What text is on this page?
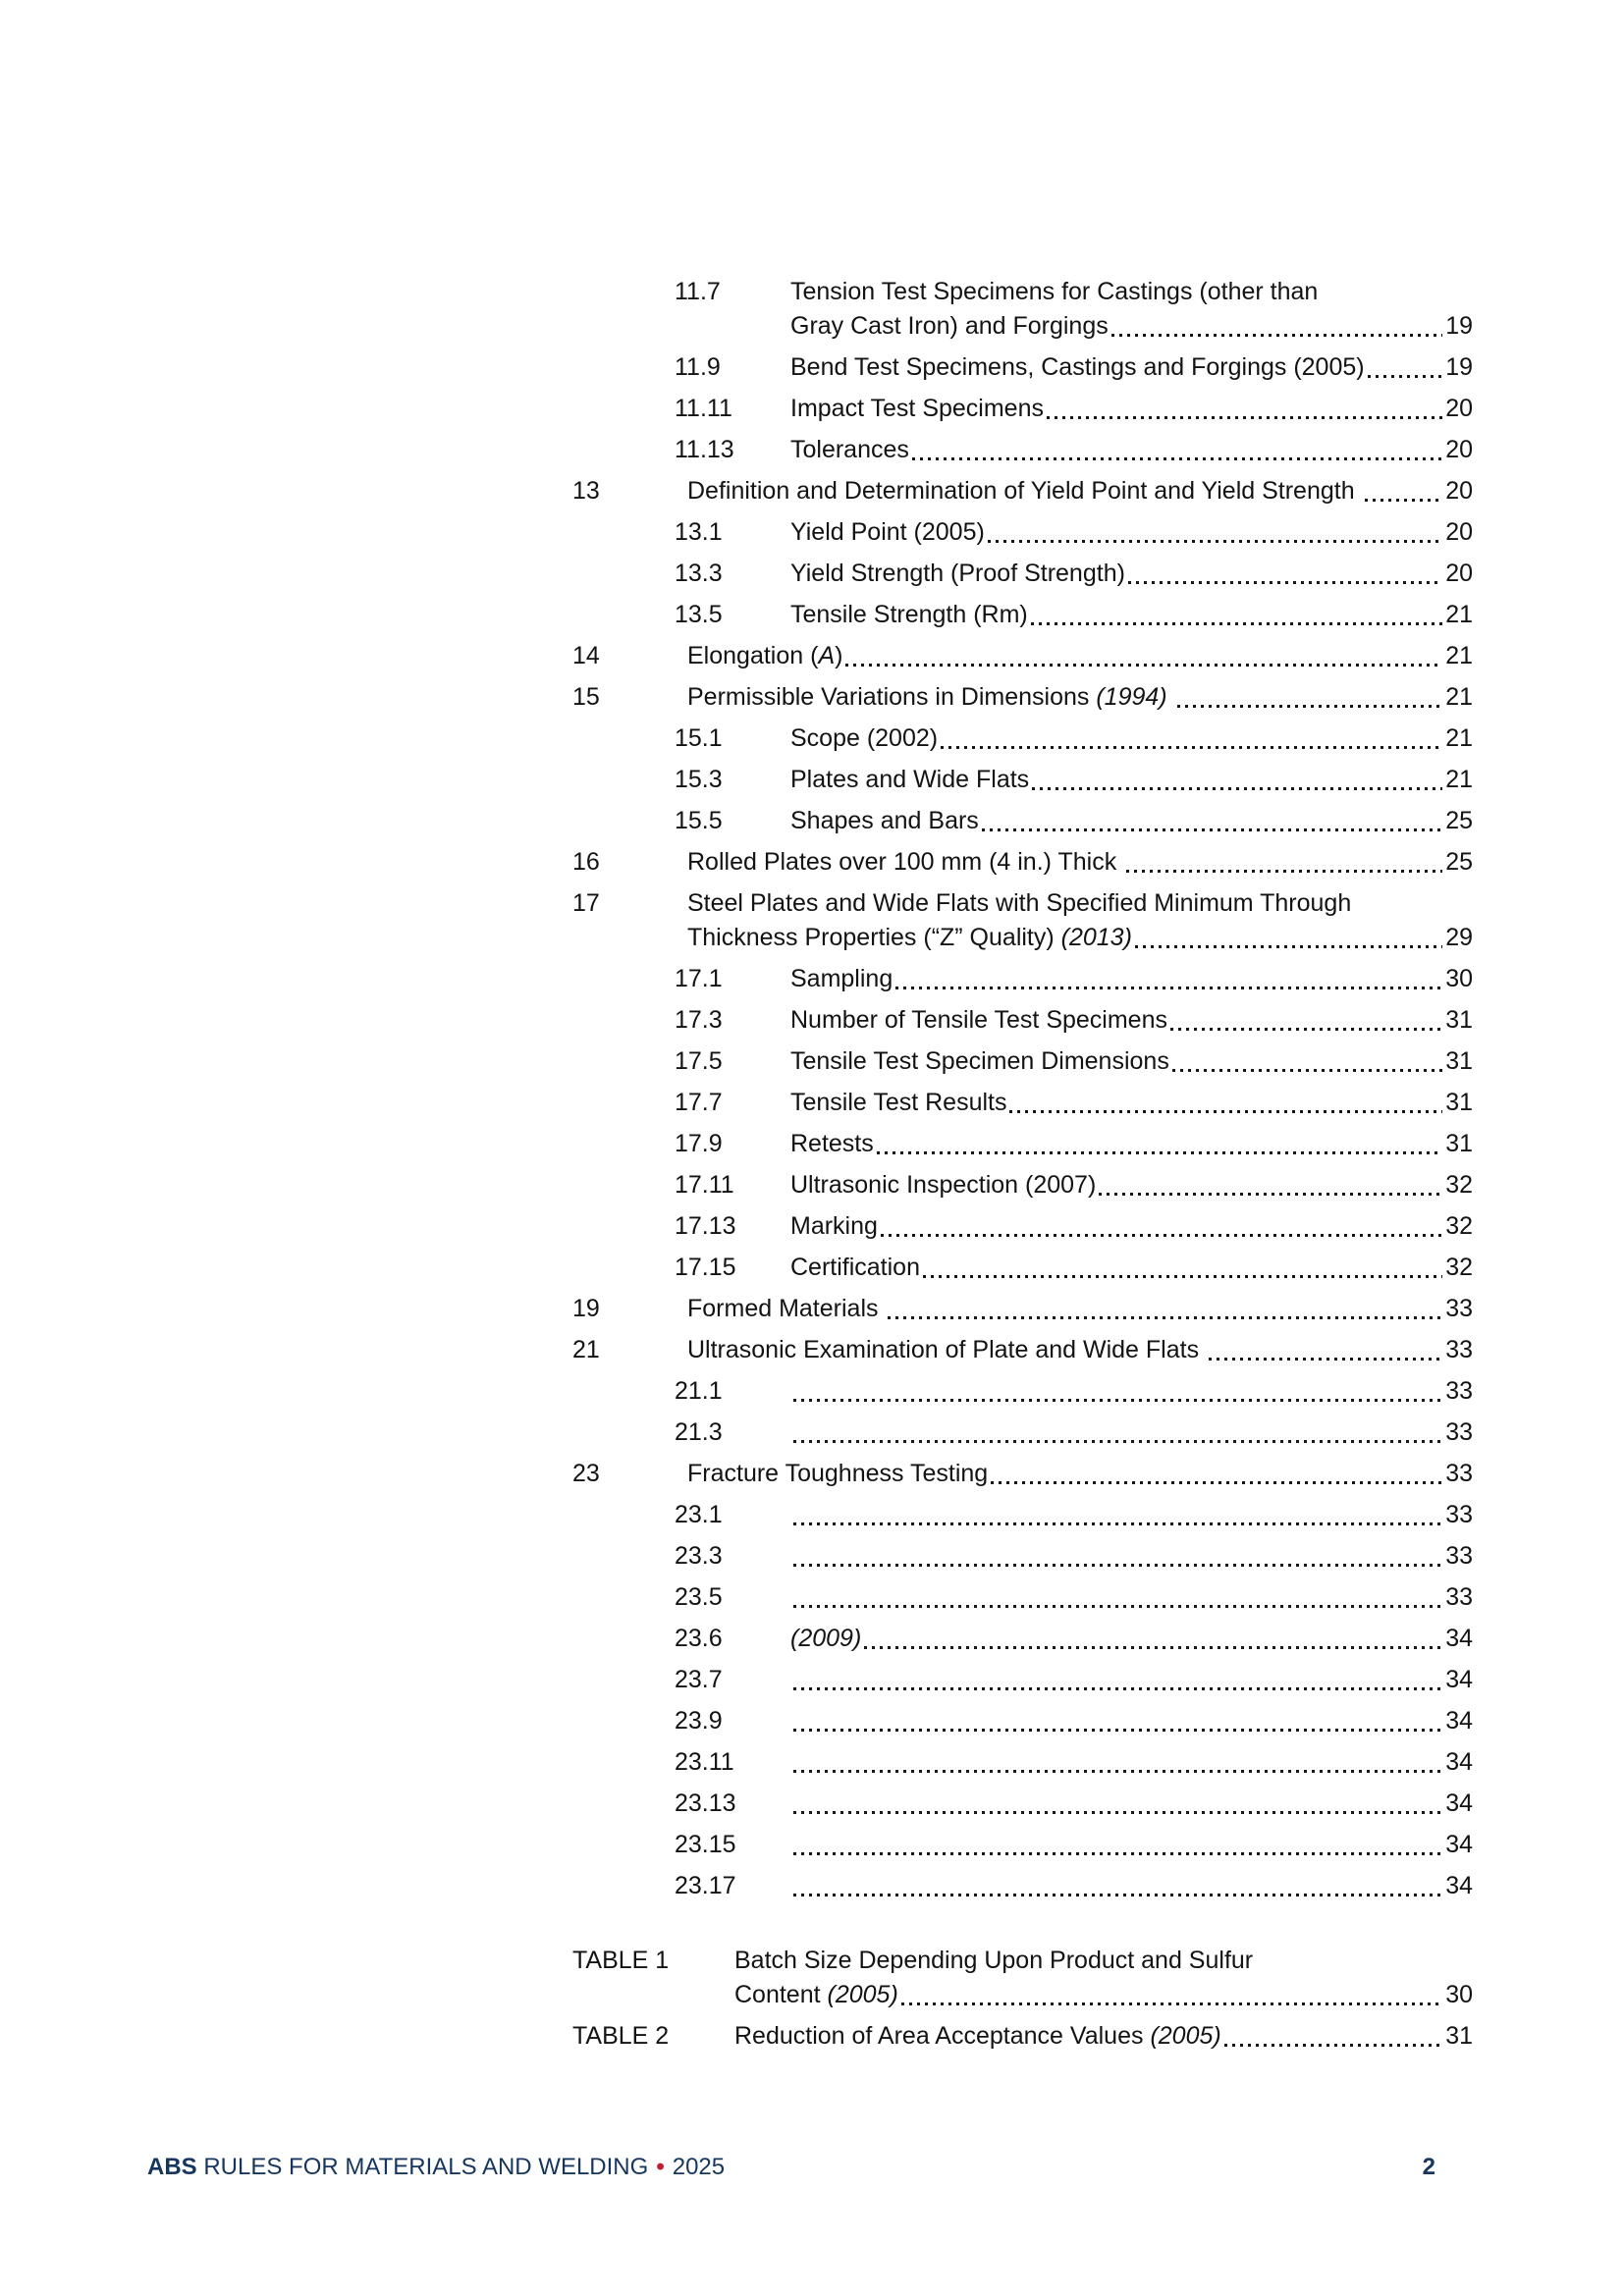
11.7	Tension Test Specimens for Castings (other than
Gray Cast Iron) and Forgings	19
11.9	Bend Test Specimens, Castings and Forgings (2005)	19
11.11	Impact Test Specimens	20
11.13	Tolerances	20
13	Definition and Determination of Yield Point and Yield Strength	20
13.1	Yield Point (2005)	20
13.3	Yield Strength (Proof Strength)	20
13.5	Tensile Strength (Rm)	21
14	Elongation (A)	21
15	Permissible Variations in Dimensions (1994)	21
15.1	Scope (2002)	21
15.3	Plates and Wide Flats	21
15.5	Shapes and Bars	25
16	Rolled Plates over 100 mm (4 in.) Thick	25
17	Steel Plates and Wide Flats with Specified Minimum Through
Thickness Properties (“Z” Quality) (2013)	29
17.1	Sampling	30
17.3	Number of Tensile Test Specimens	31
17.5	Tensile Test Specimen Dimensions	31
17.7	Tensile Test Results	31
17.9	Retests	31
17.11	Ultrasonic Inspection (2007)	32
17.13	Marking	32
17.15	Certification	32
19	Formed Materials	33
21	Ultrasonic Examination of Plate and Wide Flats	33
21.1	33
21.3	33
23	Fracture Toughness Testing	33
23.1	33
23.3	33
23.5	33
23.6	(2009)	34
23.7	34
23.9	34
23.11	34
23.13	34
23.15	34
23.17	34
TABLE 1	Batch Size Depending Upon Product and Sulfur
Content (2005)	30
TABLE 2	Reduction of Area Acceptance Values (2005)	31
ABS RULES FOR MATERIALS AND WELDING • 2025	2
